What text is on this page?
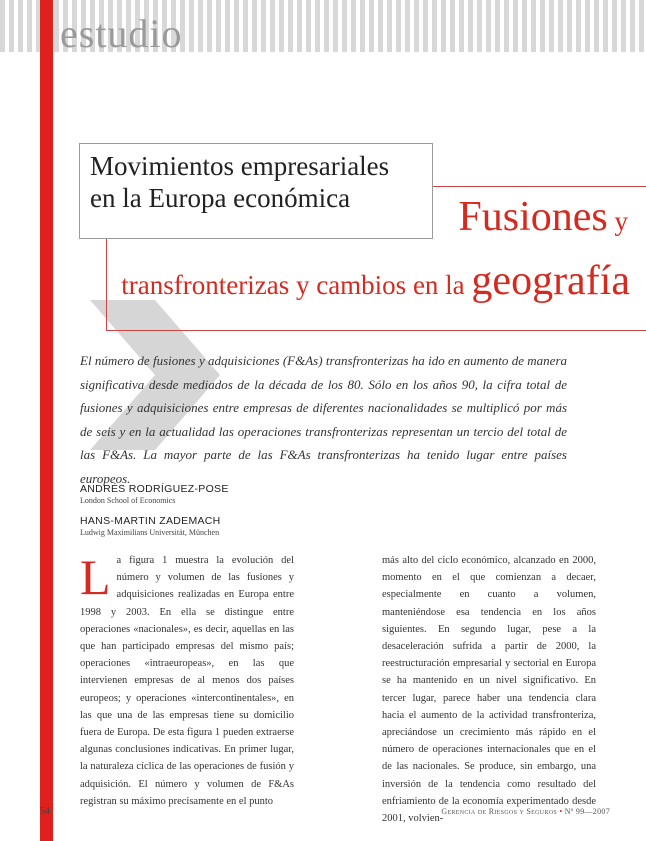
estudio
Movimientos empresariales
en la Europa económica	Fusiones y
transfronterizas y cambios en la geografía
El número de fusiones y adquisiciones (F&As) transfronterizas ha ido en aumento de manera significativa desde mediados de la década de los 80. Sólo en los años 90, la cifra total de fusiones y adquisiciones entre empresas de diferentes nacionalidades se multiplicó por más de seis y en la actualidad las operaciones transfronterizas representan un tercio del total de las F&As. La mayor parte de las F&As transfronterizas ha tenido lugar entre países europeos.
ANDRÉS RODRÍGUEZ-POSE
London School of Economics
HANS-MARTIN ZADEMACH
Ludwig Maximilians Universität, München
La figura 1 muestra la evolución del número y volumen de las fusiones y adquisiciones realizadas en Europa entre 1998 y 2003. En ella se distingue entre operaciones «nacionales», es decir, aquellas en las que han participado empresas del mismo país; operaciones «intraeuropeas», en las que intervienen empresas de al menos dos países europeos; y operaciones «intercontinentales», en las que una de las empresas tiene su domicilio fuera de Europa. De esta figura 1 pueden extraerse algunas conclusiones indicativas. En primer lugar, la naturaleza cíclica de las operaciones de fusión y adquisición. El número y volumen de F&As registran su máximo precisamente en el punto
más alto del ciclo económico, alcanzado en 2000, momento en el que comienzan a decaer, especialmente en cuanto a volumen, manteniéndose esa tendencia en los años siguientes. En segundo lugar, pese a la desaceleración sufrida a partir de 2000, la reestructuración empresarial y sectorial en Europa se ha mantenido en un nivel significativo. En tercer lugar, parece haber una tendencia clara hacia el aumento de la actividad transfronteriza, apreciándose un crecimiento más rápido en el número de operaciones internacionales que en el de las nacionales. Se produce, sin embargo, una inversión de la tendencia como resultado del enfriamiento de la economía experimentado desde 2001, volvien-
54	Gerencia de Riesgos y Seguros • Nº 99—2007
